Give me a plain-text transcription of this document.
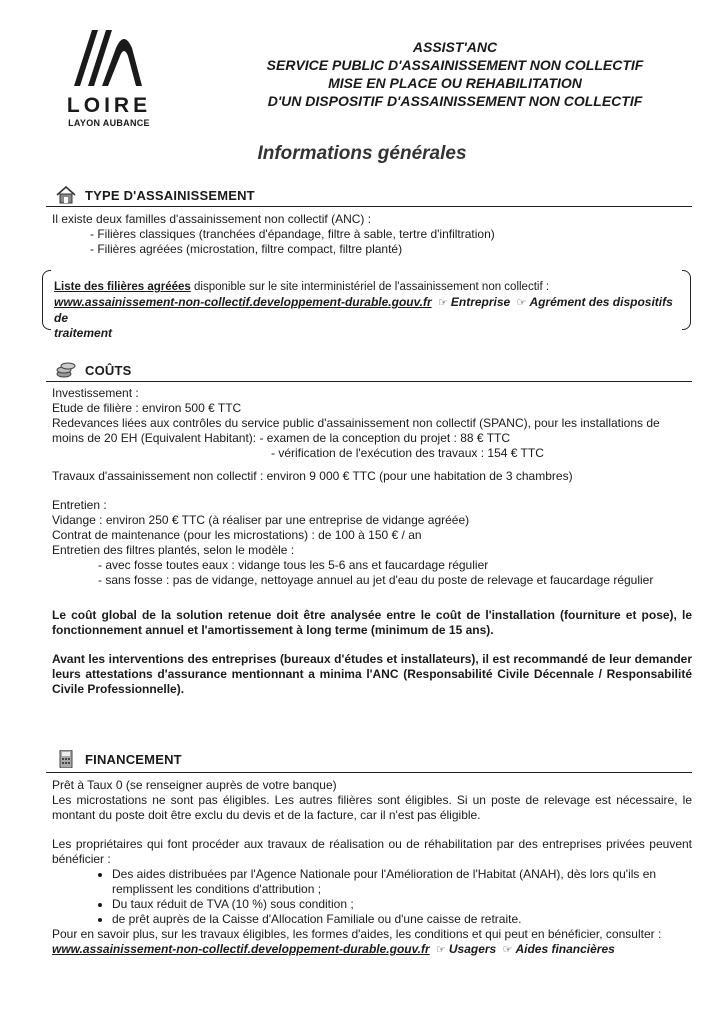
LOIRE
LAYON AUBANCE
ASSIST'ANC
SERVICE PUBLIC D'ASSAINISSEMENT NON COLLECTIF
MISE EN PLACE OU REHABILITATION
D'UN DISPOSITIF D'ASSAINISSEMENT NON COLLECTIF
Informations générales
TYPE D'ASSAINISSEMENT

Il existe deux familles d'assainissement non collectif (ANC) :

- Filières classiques (tranchées d'épandage, filtre à sable, tertre d'infiltration)

- Filières agréées (microstation, filtre compact, filtre planté)

Liste des filières agréées disponible sur le site interministériel de l'assainissement non collectif :

www.assainissement-non-collectif.developpement-durable.gouv.fr ☞ Entreprise ☞ Agrément des dispositifs de

traitement

COÛTS

Investissement :

Etude de filière : environ 500 € TTC

Redevances liées aux contrôles du service public d'assainissement non collectif (SPANC), pour les installations de

moins de 20 EH (Equivalent Habitant): - examen de la conception du projet : 88 € TTC

- vérification de l'exécution des travaux : 154 € TTC

Travaux d'assainissement non collectif : environ 9 000 € TTC (pour une habitation de 3 chambres)

Entretien :

Vidange : environ 250 € TTC (à réaliser par une entreprise de vidange agréée)

Contrat de maintenance (pour les microstations) : de 100 à 150 € / an

Entretien des filtres plantés, selon le modèle :

- avec fosse toutes eaux : vidange tous les 5-6 ans et faucardage régulier

- sans fosse : pas de vidange, nettoyage annuel au jet d'eau du poste de relevage et faucardage régulier

Le coût global de la solution retenue doit être analysée entre le coût de l'installation (fourniture et pose), le fonctionnement annuel et l'amortissement à long terme (minimum de 15 ans).

Avant les interventions des entreprises (bureaux d'études et installateurs), il est recommandé de leur demander leurs attestations d'assurance mentionnant a minima l'ANC (Responsabilité Civile Décennale / Responsabilité Civile Professionnelle).

FINANCEMENT

Prêt à Taux 0 (se renseigner auprès de votre banque)

Les microstations ne sont pas éligibles. Les autres filières sont éligibles. Si un poste de relevage est nécessaire, le montant du poste doit être exclu du devis et de la facture, car il n'est pas éligible.

Les propriétaires qui font procéder aux travaux de réalisation ou de réhabilitation par des entreprises privées peuvent bénéficier :

• Des aides distribuées par l'Agence Nationale pour l'Amélioration de l'Habitat (ANAH), dès lors qu'ils en remplissent les conditions d'attribution ;
• Du taux réduit de TVA (10 %) sous condition ;
• de prêt auprès de la Caisse d'Allocation Familiale ou d'une caisse de retraite.

Pour en savoir plus, sur les travaux éligibles, les formes d'aides, les conditions et qui peut en bénéficier, consulter :

www.assainissement-non-collectif.developpement-durable.gouv.fr ☞ Usagers ☞ Aides financières
